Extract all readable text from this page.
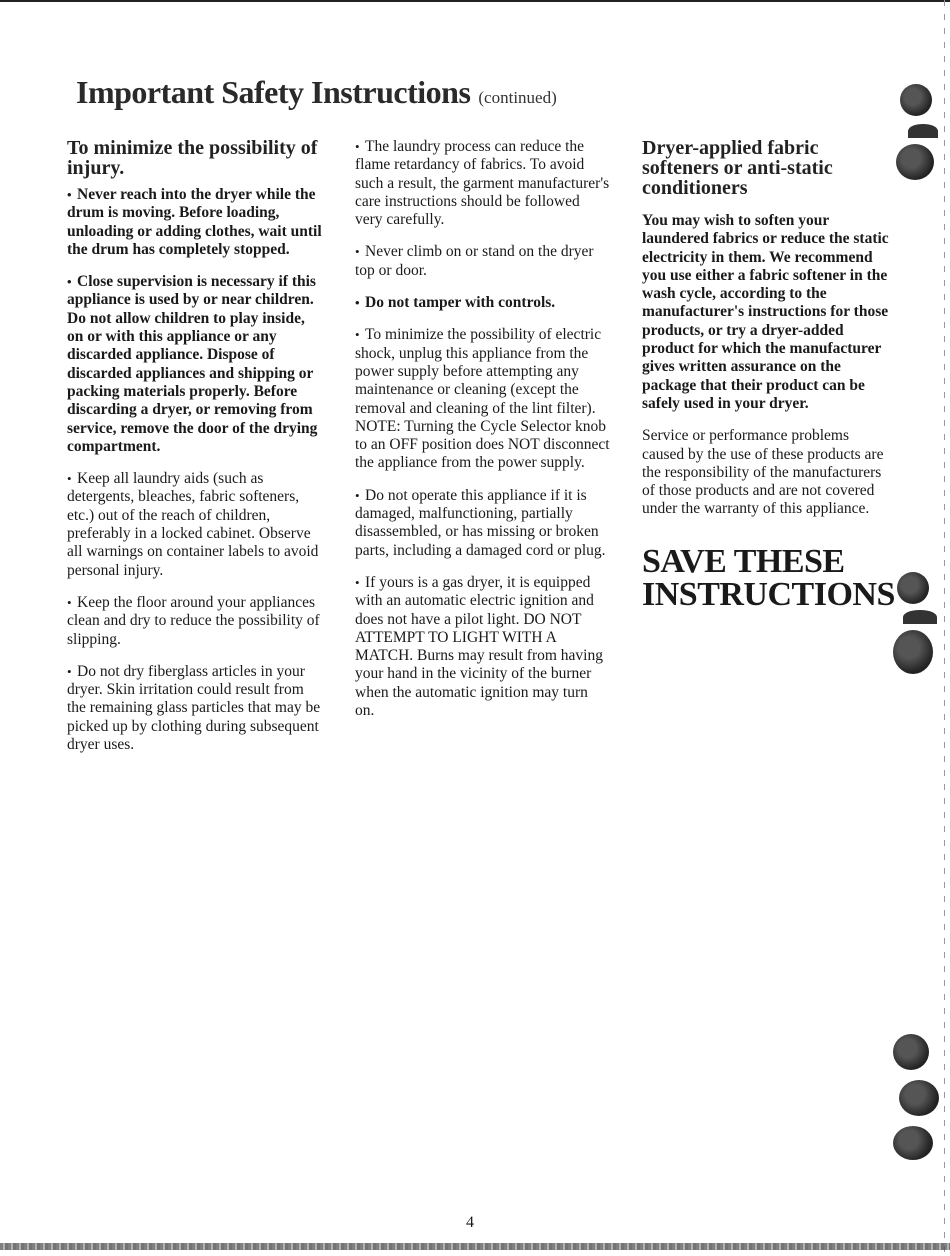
Important Safety Instructions (continued)
To minimize the possibility of injury.

• Never reach into the dryer while the drum is moving. Before loading, unloading or adding clothes, wait until the drum has completely stopped.

• Close supervision is necessary if this appliance is used by or near children. Do not allow children to play inside, on or with this appliance or any discarded appliance. Dispose of discarded appliances and shipping or packing materials properly. Before discarding a dryer, or removing from service, remove the door of the drying compartment.

• Keep all laundry aids (such as detergents, bleaches, fabric softeners, etc.) out of the reach of children, preferably in a locked cabinet. Observe all warnings on container labels to avoid personal injury.

• Keep the floor around your appliances clean and dry to reduce the possibility of slipping.

• Do not dry fiberglass articles in your dryer. Skin irritation could result from the remaining glass particles that may be picked up by clothing during subsequent dryer uses.

• The laundry process can reduce the flame retardancy of fabrics. To avoid such a result, the garment manufacturer's care instructions should be followed very carefully.

• Never climb on or stand on the dryer top or door.

• Do not tamper with controls.

• To minimize the possibility of electric shock, unplug this appliance from the power supply before attempting any maintenance or cleaning (except the removal and cleaning of the lint filter). NOTE: Turning the Cycle Selector knob to an OFF position does NOT disconnect the appliance from the power supply.

• Do not operate this appliance if it is damaged, malfunctioning, partially disassembled, or has missing or broken parts, including a damaged cord or plug.

• If yours is a gas dryer, it is equipped with an automatic electric ignition and does not have a pilot light. DO NOT ATTEMPT TO LIGHT WITH A MATCH. Burns may result from having your hand in the vicinity of the burner when the automatic ignition may turn on.

Dryer-applied fabric softeners or anti-static conditioners

You may wish to soften your laundered fabrics or reduce the static electricity in them. We recommend you use either a fabric softener in the wash cycle, according to the manufacturer's instructions for those products, or try a dryer-added product for which the manufacturer gives written assurance on the package that their product can be safely used in your dryer.

Service or performance problems caused by the use of these products are the responsibility of the manufacturers of those products and are not covered under the warranty of this appliance.

SAVE THESE
INSTRUCTIONS
4
